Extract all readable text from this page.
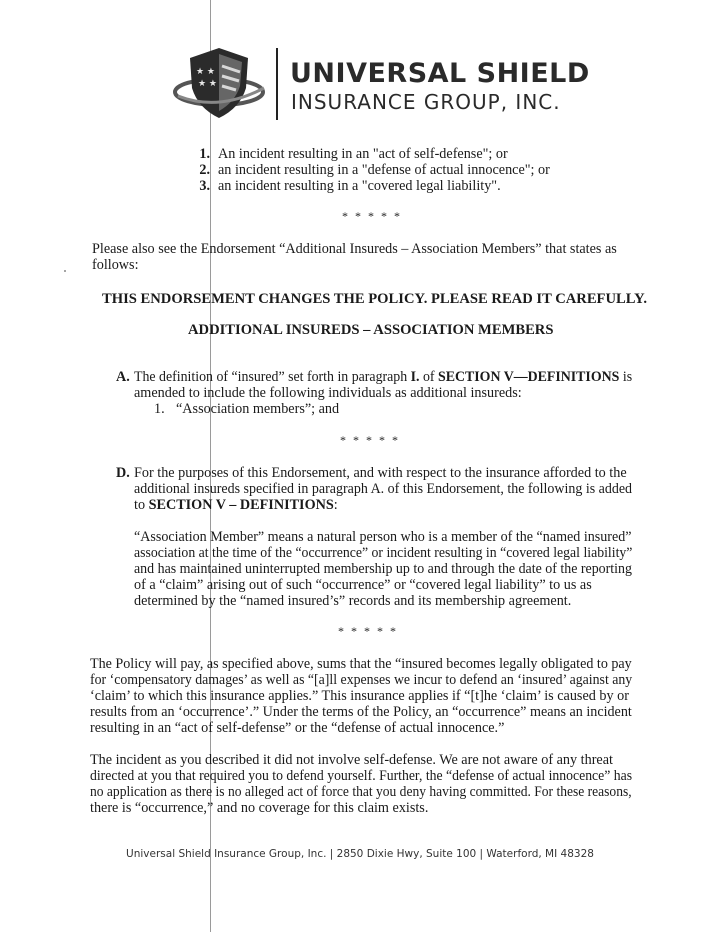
★ ★
★ ★	UNIVERSAL SHIELD
INSURANCE GROUP, INC.
1. An incident resulting in an "act of self-defense"; or
2. an incident resulting in a "defense of actual innocence"; or
3. an incident resulting in a "covered legal liability".
* * * * *
Please also see the Endorsement “Additional Insureds – Association Members” that states as
follows:
THIS ENDORSEMENT CHANGES THE POLICY. PLEASE READ IT CAREFULLY.
ADDITIONAL INSUREDS – ASSOCIATION MEMBERS
A. The definition of “insured” set forth in paragraph I. of SECTION V—DEFINITIONS is
amended to include the following individuals as additional insureds:
1. “Association members”; and
* * * * *
D. For the purposes of this Endorsement, and with respect to the insurance afforded to the
additional insureds specified in paragraph A. of this Endorsement, the following is added
to SECTION V – DEFINITIONS:
“Association Member” means a natural person who is a member of the “named insured”
association at the time of the “occurrence” or incident resulting in “covered legal liability”
and has maintained uninterrupted membership up to and through the date of the reporting
of a “claim” arising out of such “occurrence” or “covered legal liability” to us as
determined by the “named insured’s” records and its membership agreement.
* * * * *
The Policy will pay, as specified above, sums that the “insured becomes legally obligated to pay
for ‘compensatory damages’ as well as “[a]ll expenses we incur to defend an ‘insured’ against any
‘claim’ to which this insurance applies.” This insurance applies if “[t]he ‘claim’ is caused by or
results from an ‘occurrence’.” Under the terms of the Policy, an “occurrence” means an incident
resulting in an “act of self-defense” or the “defense of actual innocence.”
The incident as you described it did not involve self-defense. We are not aware of any threat
directed at you that required you to defend yourself. Further, the “defense of actual innocence” has
no application as there is no alleged act of force that you deny having committed. For these reasons,
there is “occurrence,” and no coverage for this claim exists.
Universal Shield Insurance Group, Inc. | 2850 Dixie Hwy, Suite 100 | Waterford, MI 48328
